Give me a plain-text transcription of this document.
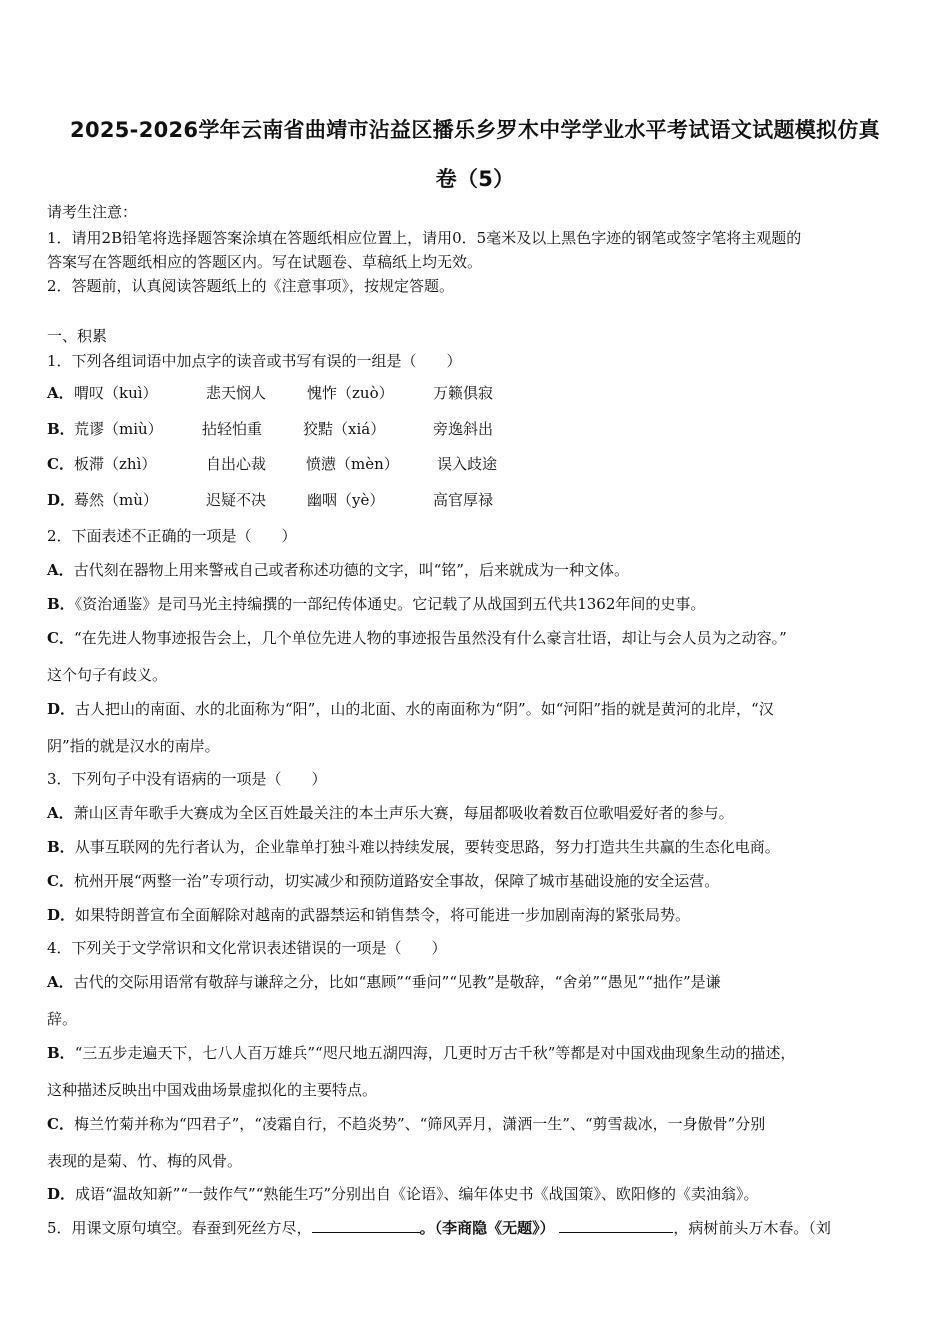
2025-2026学年云南省曲靖市沾益区播乐乡罗木中学学业水平考试语文试题模拟仿真
卷（5）
请考生注意：
1．请用2B铅笔将选择题答案涂填在答题纸相应位置上，请用0．5毫米及以上黑色字迹的钢笔或签字笔将主观题的
答案写在答题纸相应的答题区内。写在试题卷、草稿纸上均无效。
2．答题前，认真阅读答题纸上的《注意事项》，按规定答题。
一、积累
1．下列各组词语中加点字的读音或书写有误的一组是（　　）
A． 喟叹（kuì）	悲天悯人	愧怍（zuò）	万籁俱寂
B． 荒谬（miù）	拈轻怕重	狡黠（xiá）	旁逸斜出
C． 板滞（zhì）	自出心裁	愤懑（mèn）	误入歧途
D．
蓦然（mù）	迟疑不决	幽咽（yè）	高官厚禄
2．下面表述不正确的一项是（　　）
A．古代刻在器物上用来警戒自己或者称述功德的文字，叫“铭”，后来就成为一种文体。
B．《资治通鉴》是司马光主持编撰的一部纪传体通史。它记载了从战国到五代共1362年间的史事。
C．“在先进人物事迹报告会上，几个单位先进人物的事迹报告虽然没有什么豪言壮语，却让与会人员为之动容。”
这个句子有歧义。
D．古人把山的南面、水的北面称为“阳”，山的北面、水的南面称为“阴”。如“河阳”指的就是黄河的北岸，“汉
阴”指的就是汉水的南岸。
3．下列句子中没有语病的一项是（　　）
A．萧山区青年歌手大赛成为全区百姓最关注的本土声乐大赛，每届都吸收着数百位歌唱爱好者的参与。
B．从事互联网的先行者认为，企业靠单打独斗难以持续发展，要转变思路，努力打造共生共赢的生态化电商。
C．杭州开展“两整一治”专项行动，切实减少和预防道路安全事故，保障了城市基础设施的安全运营。
D．如果特朗普宣布全面解除对越南的武器禁运和销售禁令，将可能进一步加剧南海的紧张局势。
4．下列关于文学常识和文化常识表述错误的一项是（　　）
A．古代的交际用语常有敬辞与谦辞之分，比如“惠顾”“垂问”“见教”是敬辞，“舍弟”“愚见”“拙作”是谦
辞。
B．“三五步走遍天下，七八人百万雄兵”“咫尺地五湖四海，几更时万古千秋”等都是对中国戏曲现象生动的描述，
这种描述反映出中国戏曲场景虚拟化的主要特点。
C．梅兰竹菊并称为“四君子”，“凌霜自行，不趋炎势”、“筛风弄月，潇洒一生”、“剪雪裁冰，一身傲骨”分别
表现的是菊、竹、梅的风骨。
D．成语“温故知新”“一鼓作气”“熟能生巧”分别出自《论语》、编年体史书《战国策》、欧阳修的《卖油翁》。
5．用课文原句填空。春蚕到死丝方尽，	。（李商隐《无题》）	，病树前头万木春。（刘
